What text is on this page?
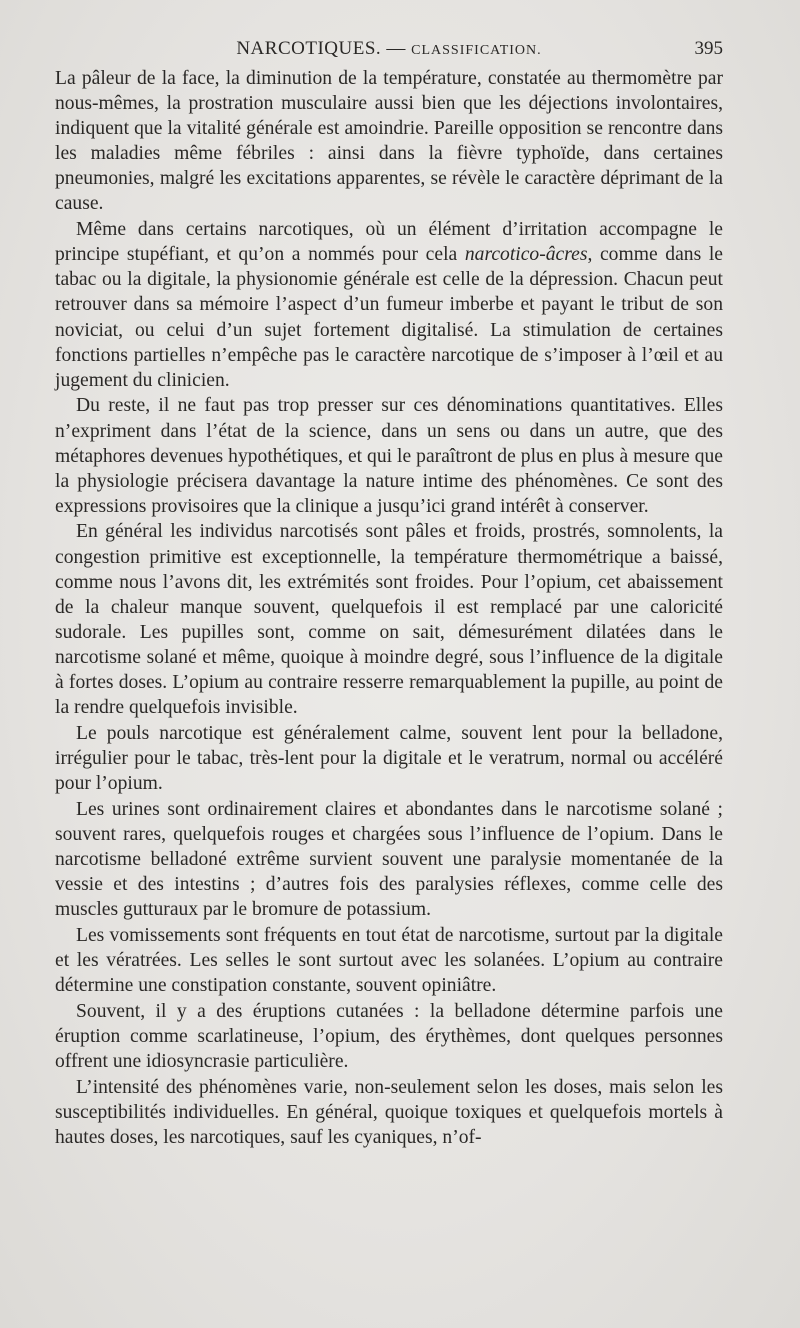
NARCOTIQUES. — CLASSIFICATION.	395

La pâleur de la face, la diminution de la température, constatée au thermomètre par nous-mêmes, la prostration musculaire aussi bien que les déjections involontaires, indiquent que la vitalité générale est amoindrie. Pareille opposition se rencontre dans les maladies même fébriles : ainsi dans la fièvre typhoïde, dans certaines pneumonies, malgré les excitations apparentes, se révèle le caractère déprimant de la cause.

Même dans certains narcotiques, où un élément d’irritation accompagne le principe stupéfiant, et qu’on a nommés pour cela narcotico-âcres, comme dans le tabac ou la digitale, la physionomie générale est celle de la dépression. Chacun peut retrouver dans sa mémoire l’aspect d’un fumeur imberbe et payant le tribut de son noviciat, ou celui d’un sujet fortement digitalisé. La stimulation de certaines fonctions partielles n’empêche pas le caractère narcotique de s’imposer à l’œil et au jugement du clinicien.

Du reste, il ne faut pas trop presser sur ces dénominations quantitatives. Elles n’expriment dans l’état de la science, dans un sens ou dans un autre, que des métaphores devenues hypothétiques, et qui le paraîtront de plus en plus à mesure que la physiologie précisera davantage la nature intime des phénomènes. Ce sont des expressions provisoires que la clinique a jusqu’ici grand intérêt à conserver.

En général les individus narcotisés sont pâles et froids, prostrés, somnolents, la congestion primitive est exceptionnelle, la température thermométrique a baissé, comme nous l’avons dit, les extrémités sont froides. Pour l’opium, cet abaissement de la chaleur manque souvent, quelquefois il est remplacé par une caloricité sudorale. Les pupilles sont, comme on sait, démesurément dilatées dans le narcotisme solané et même, quoique à moindre degré, sous l’influence de la digitale à fortes doses. L’opium au contraire resserre remarquablement la pupille, au point de la rendre quelquefois invisible.

Le pouls narcotique est généralement calme, souvent lent pour la belladone, irrégulier pour le tabac, très-lent pour la digitale et le veratrum, normal ou accéléré pour l’opium.

Les urines sont ordinairement claires et abondantes dans le narcotisme solané ; souvent rares, quelquefois rouges et chargées sous l’influence de l’opium. Dans le narcotisme belladoné extrême survient souvent une paralysie momentanée de la vessie et des intestins ; d’autres fois des paralysies réflexes, comme celle des muscles gutturaux par le bromure de potassium.

Les vomissements sont fréquents en tout état de narcotisme, surtout par la digitale et les vératrées. Les selles le sont surtout avec les solanées. L’opium au contraire détermine une constipation constante, souvent opiniâtre.

Souvent, il y a des éruptions cutanées : la belladone détermine parfois une éruption comme scarlatineuse, l’opium, des érythèmes, dont quelques personnes offrent une idiosyncrasie particulière.

L’intensité des phénomènes varie, non-seulement selon les doses, mais selon les susceptibilités individuelles. En général, quoique toxiques et quelquefois mortels à hautes doses, les narcotiques, sauf les cyaniques, n’of-
